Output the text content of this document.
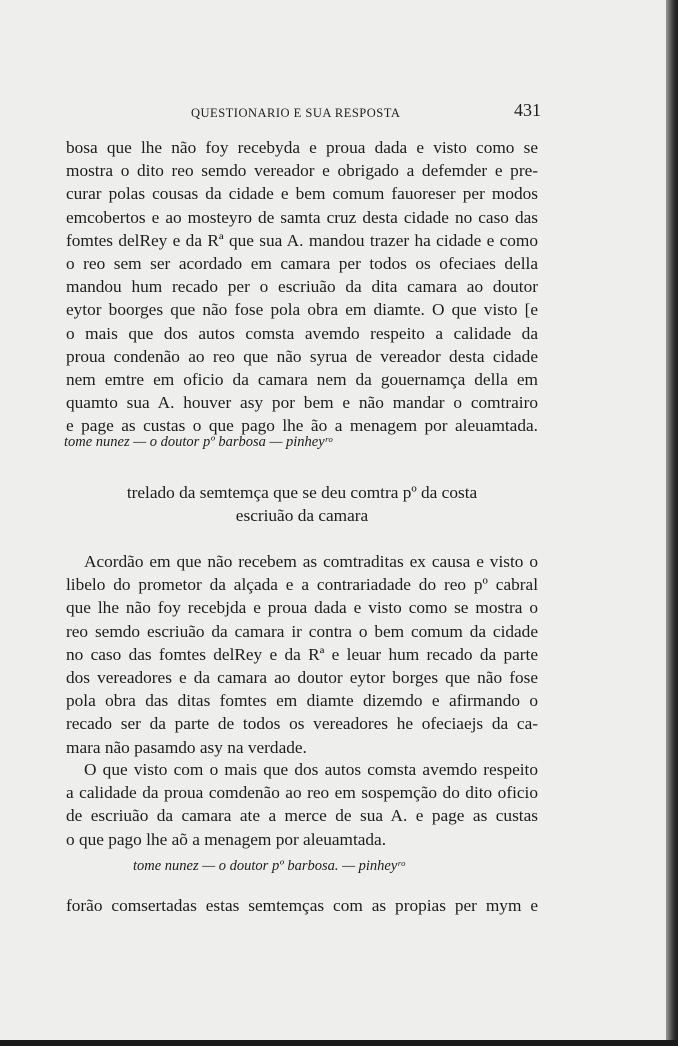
QUESTIONARIO E SUA RESPOSTA	431
bosa que lhe não foy recebyda e proua dada e visto como se
mostra o dito reo semdo vereador e obrigado a defemder e pre-
curar polas cousas da cidade e bem comum fauoreser per modos
emcobertos e ao mosteyro de samta cruz desta cidade no caso das
fomtes delRey e da Rª que sua A. mandou trazer ha cidade e como
o reo sem ser acordado em camara per todos os ofeciaes della
mandou hum recado per o escriuão da dita camara ao doutor
eytor boorges que não fose pola obra em diamte. O que visto [e
o mais que dos autos comsta avemdo respeito a calidade da
proua condenão ao reo que não syrua de vereador desta cidade
nem emtre em oficio da camara nem da gouernamça della em
quamto sua A. houver asy por bem e não mandar o comtrairo
e page as custas o que pago lhe ão a menagem por aleuamtada.
tome nunez — o doutor pº barbosa — pinheyʳᵒ
trelado da semtemça que se deu comtra pº da costa
escriuão da camara
Acordão em que não recebem as comtraditas ex causa e visto o
libelo do prometor da alçada e a contrariadade do reo pº cabral
que lhe não foy recebjda e proua dada e visto como se mostra o
reo semdo escriuão da camara ir contra o bem comum da cidade
no caso das fomtes delRey e da Rª e leuar hum recado da parte
dos vereadores e da camara ao doutor eytor borges que não fose
pola obra das ditas fomtes em diamte dizemdo e afirmando o
recado ser da parte de todos os vereadores he ofeciaejs da ca-
mara não pasamdo asy na verdade.
O que visto com o mais que dos autos comsta avemdo respeito
a calidade da proua comdenão ao reo em sospemção do dito oficio
de escriuão da camara ate a merce de sua A. e page as custas
o que pago lhe aõ a menagem por aleuamtada.
tome nunez — o doutor pº barbosa. — pinheyʳᵒ
forão comsertadas estas semtemças com as propias per mym e
